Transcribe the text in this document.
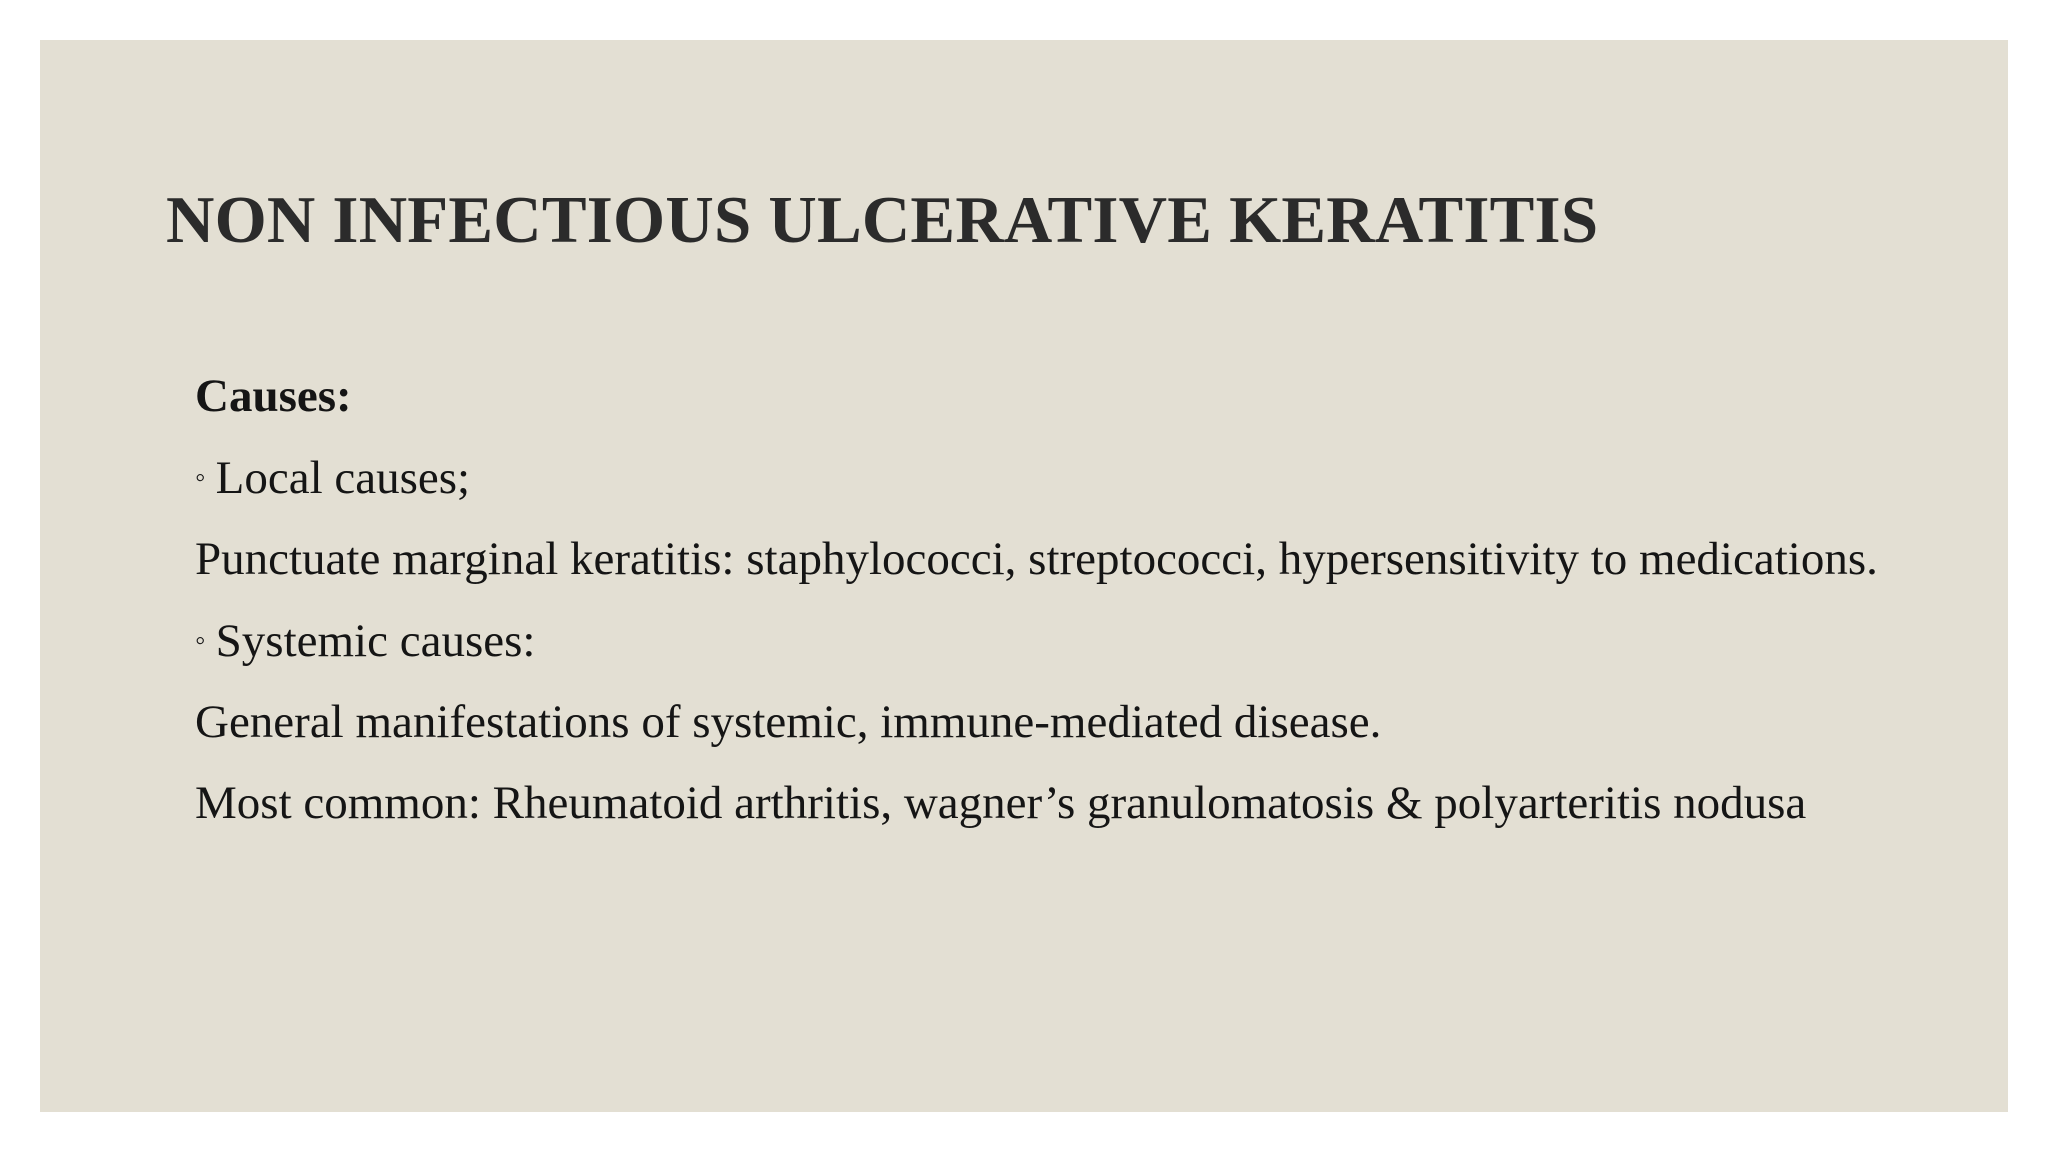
NON INFECTIOUS ULCERATIVE KERATITIS

Causes:

◦ Local causes;

Punctuate marginal keratitis: staphylococci, streptococci, hypersensitivity to medications.

◦ Systemic causes:

General manifestations of systemic, immune-mediated disease.

Most common: Rheumatoid arthritis, wagner’s granulomatosis & polyarteritis nodusa
